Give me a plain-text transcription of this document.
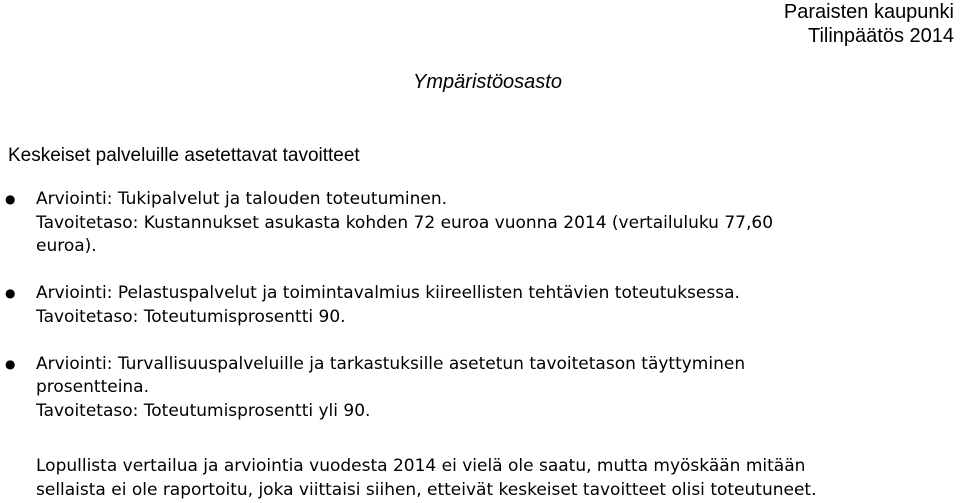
Paraisten kaupunki
Tilinpäätös 2014
Ympäristöosasto
Keskeiset palveluille asetettavat tavoitteet
● Arviointi: Tukipalvelut ja talouden toteutuminen.
Tavoitetaso: Kustannukset asukasta kohden 72 euroa vuonna 2014 (vertailuluku 77,60
euroa).
● Arviointi: Pelastuspalvelut ja toimintavalmius kiireellisten tehtävien toteutuksessa.
Tavoitetaso: Toteutumisprosentti 90.
● Arviointi: Turvallisuuspalveluille ja tarkastuksille asetetun tavoitetason täyttyminen
prosentteina.
Tavoitetaso: Toteutumisprosentti yli 90.
Lopullista vertailua ja arviointia vuodesta 2014 ei vielä ole saatu, mutta myöskään mitään
sellaista ei ole raportoitu, joka viittaisi siihen, etteivät keskeiset tavoitteet olisi toteutuneet.
